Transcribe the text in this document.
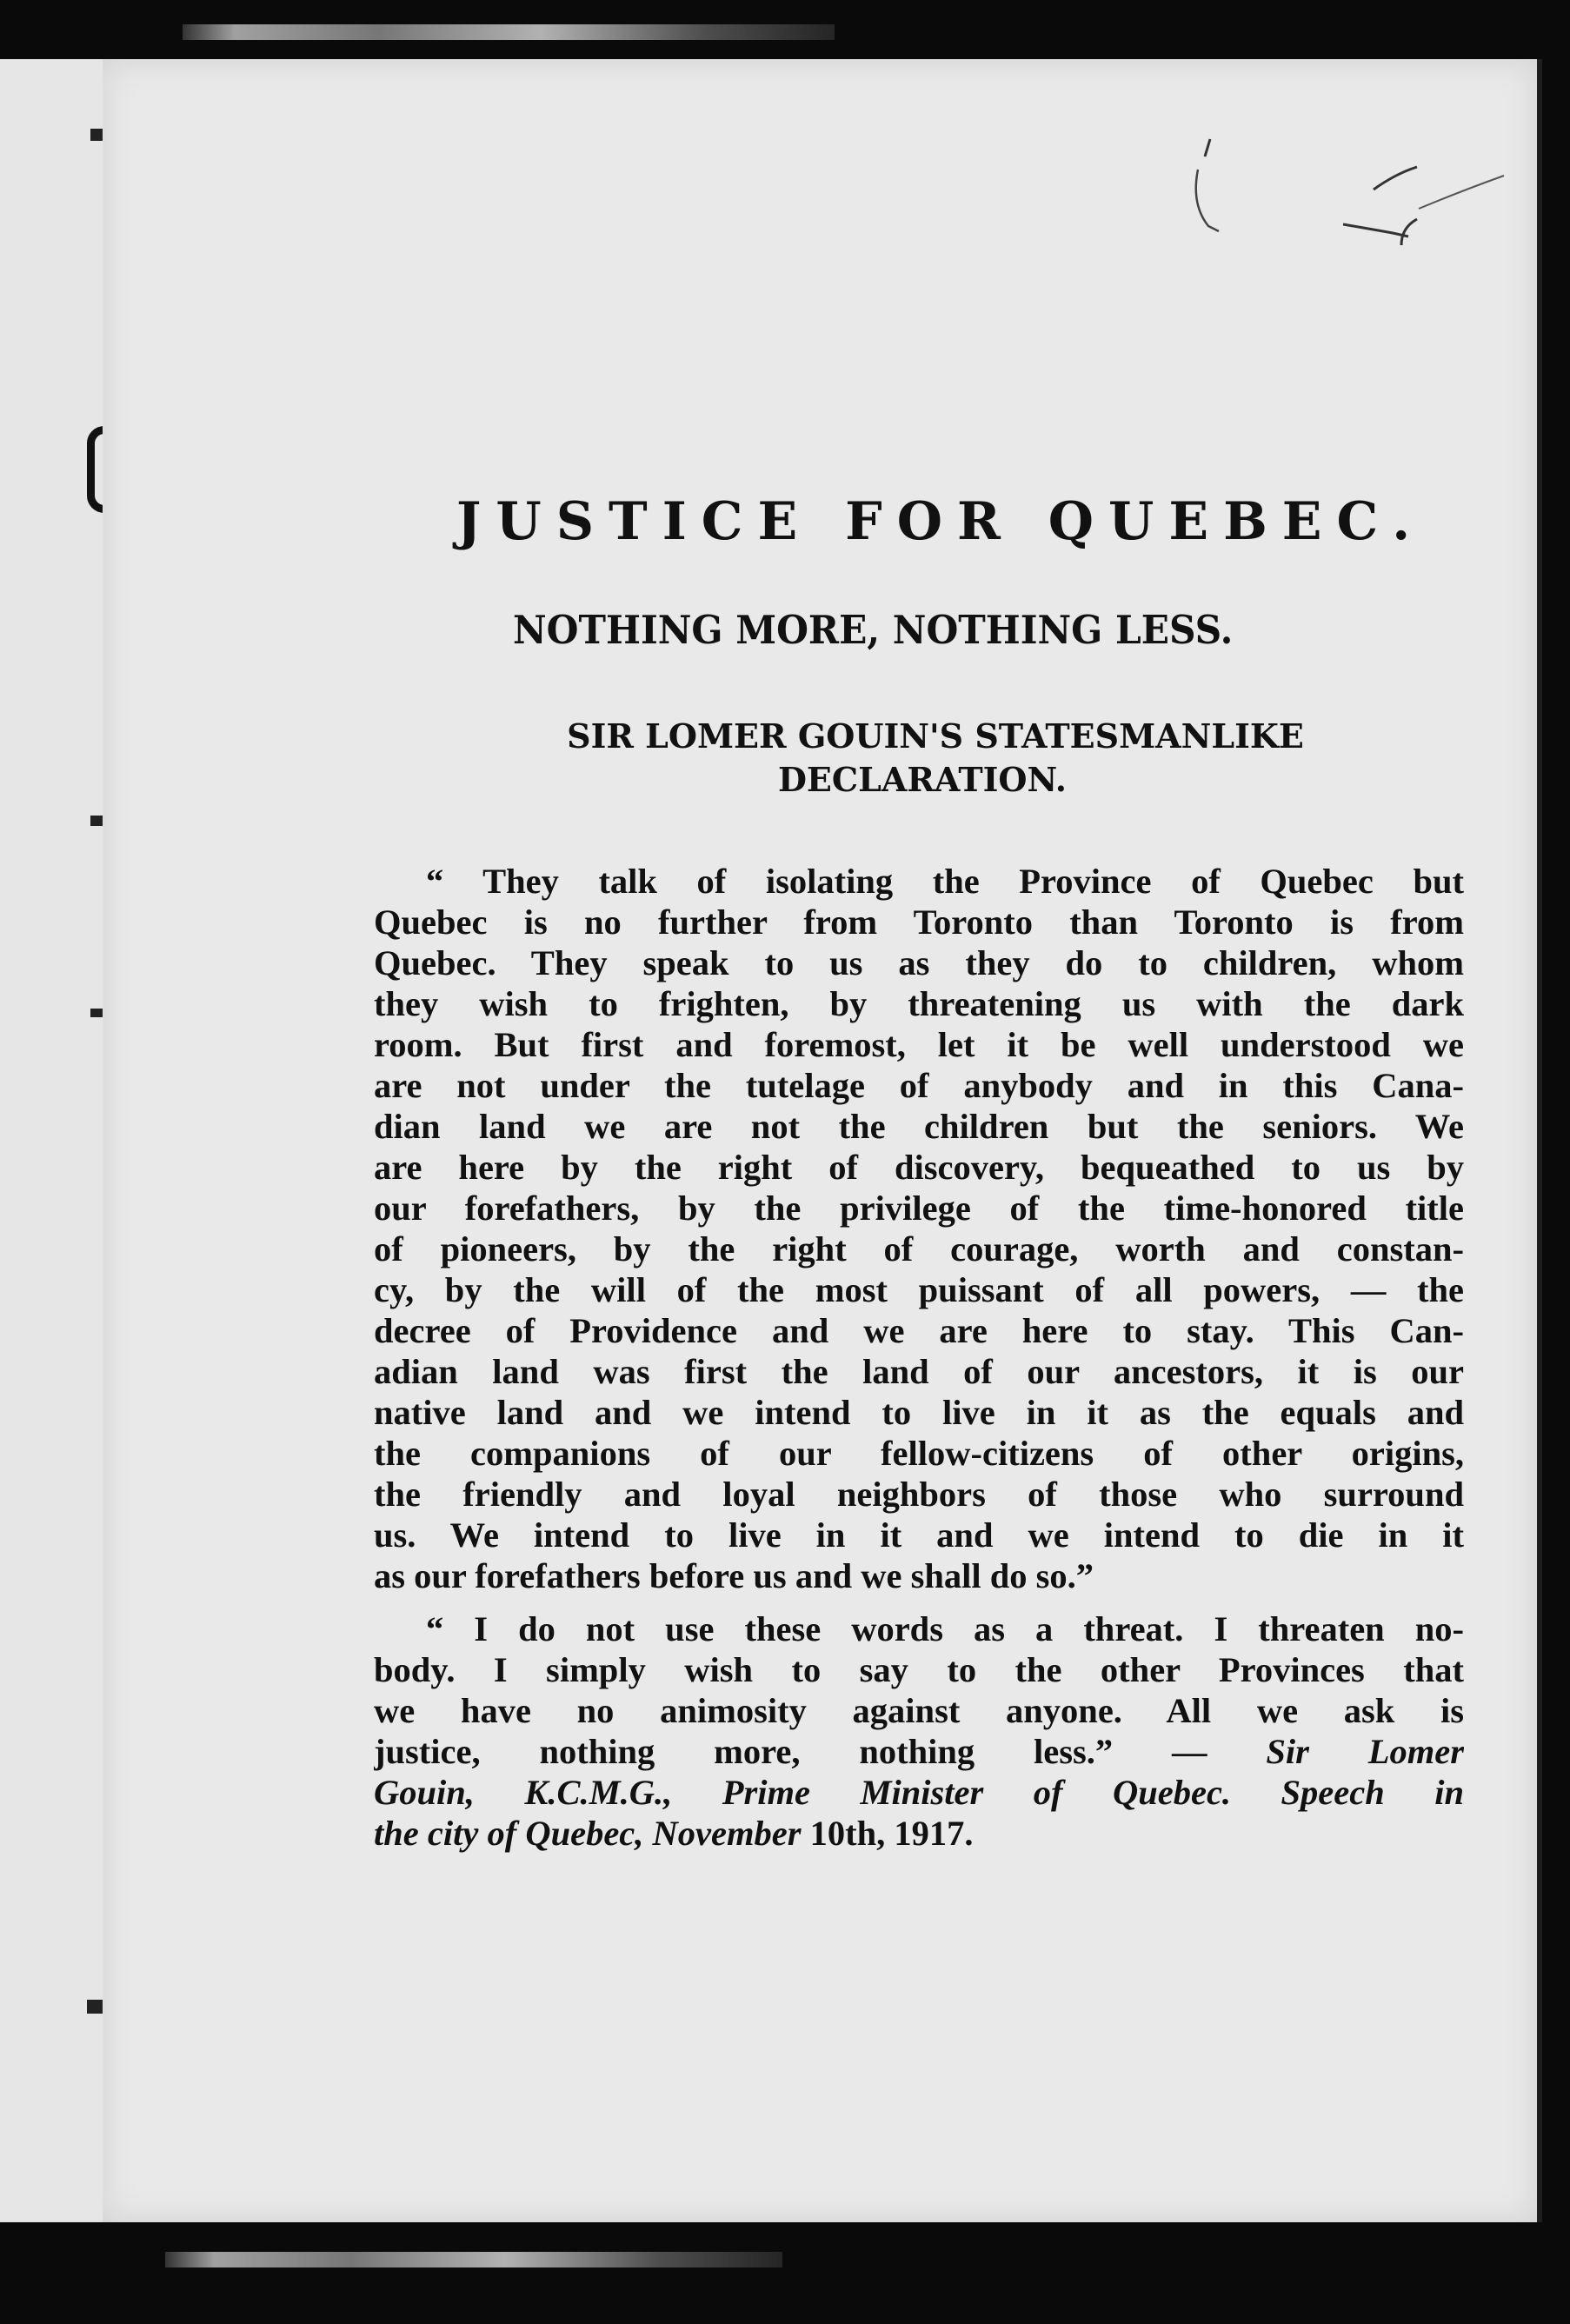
JUSTICE FOR QUEBEC.
NOTHING MORE, NOTHING LESS.
SIR LOMER GOUIN'S STATESMANLIKE
DECLARATION.
“ They talk of isolating the Province of Quebec but
Quebec is no further from Toronto than Toronto is from
Quebec. They speak to us as they do to children, whom
they wish to frighten, by threatening us with the dark
room. But first and foremost, let it be well understood we
are not under the tutelage of anybody and in this Cana-
dian land we are not the children but the seniors. We
are here by the right of discovery, bequeathed to us by
our forefathers, by the privilege of the time-honored title
of pioneers, by the right of courage, worth and constan-
cy, by the will of the most puissant of all powers, — the
decree of Providence and we are here to stay. This Can-
adian land was first the land of our ancestors, it is our
native land and we intend to live in it as the equals and
the companions of our fellow-citizens of other origins,
the friendly and loyal neighbors of those who surround
us. We intend to live in it and we intend to die in it
as our forefathers before us and we shall do so.”
“ I do not use these words as a threat. I threaten no-
body. I simply wish to say to the other Provinces that
we have no animosity against anyone. All we ask is
justice, nothing more, nothing less.” — Sir Lomer
Gouin, K.C.M.G., Prime Minister of Quebec. Speech in
the city of Quebec, November 10th, 1917.
